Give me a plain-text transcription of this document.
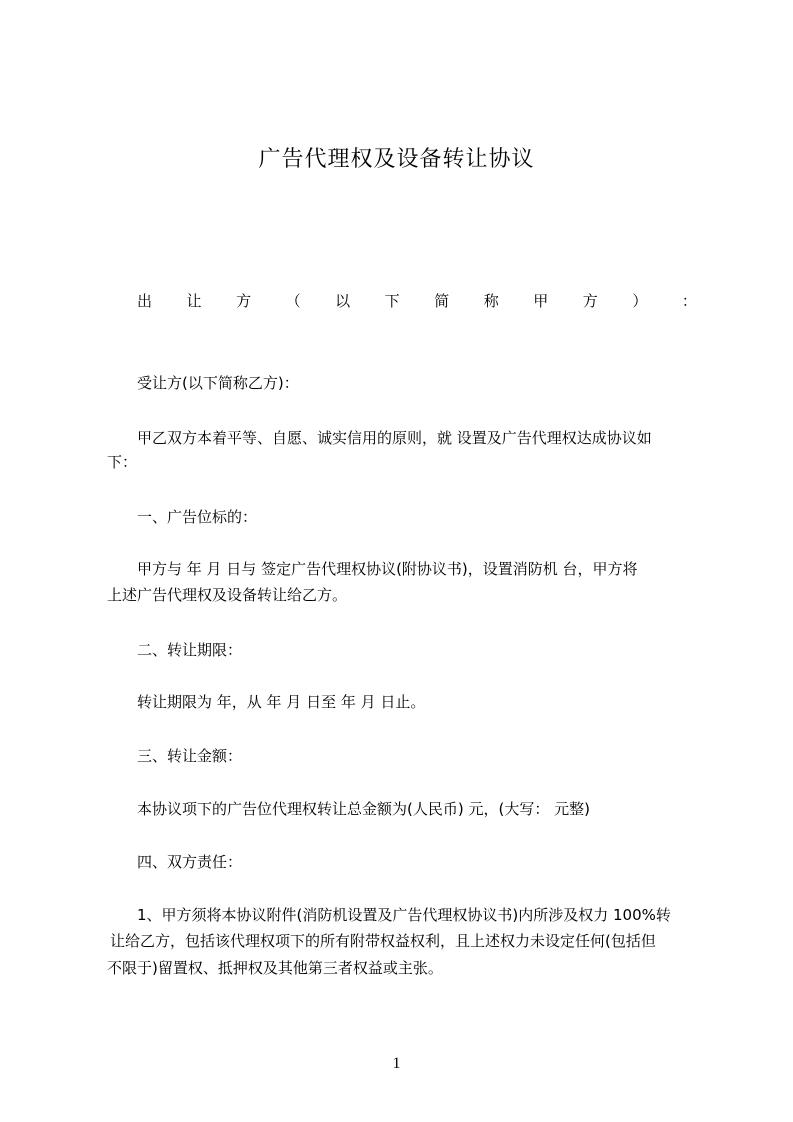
广告代理权及设备转让协议
出 让 方 （ 以 下 简 称 甲 方 ） ：
受让方(以下简称乙方)：
甲乙双方本着平等、自愿、诚实信用的原则，就 设置及广告代理权达成协议如
下：
一、广告位标的：
甲方与 年 月 日与 签定广告代理权协议(附协议书)，设置消防机 台，甲方将
上述广告代理权及设备转让给乙方。
二、转让期限：
转让期限为 年，从 年 月 日至 年 月 日止。
三、转让金额：
本协议项下的广告位代理权转让总金额为(人民币) 元，(大写： 元整)
四、双方责任：
1、甲方须将本协议附件(消防机设置及广告代理权协议书)内所涉及权力 100%转
让给乙方，包括该代理权项下的所有附带权益权利，且上述权力未设定任何(包括但
不限于)留置权、抵押权及其他第三者权益或主张。
1
